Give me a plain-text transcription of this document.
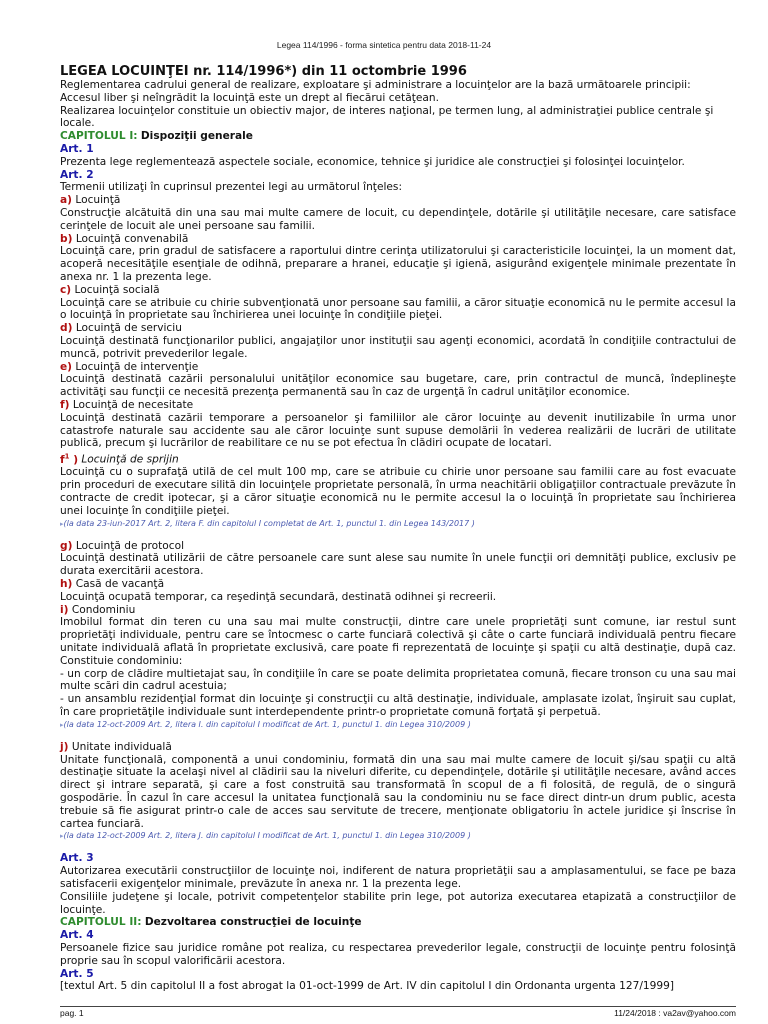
Legea 114/1996 - forma sintetica pentru data 2018-11-24

LEGEA LOCUINŢEI nr. 114/1996*) din 11 octombrie 1996

Reglementarea cadrului general de realizare, exploatare şi administrare a locuinţelor are la bază următoarele principii:

Accesul liber şi neîngrădit la locuinţă este un drept al fiecărui cetăţean.

Realizarea locuinţelor constituie un obiectiv major, de interes naţional, pe termen lung, al administraţiei publice centrale şi locale.

CAPITOLUL I: Dispoziţii generale

Art. 1

Prezenta lege reglementează aspectele sociale, economice, tehnice şi juridice ale construcţiei şi folosinţei locuinţelor.

Art. 2

Termenii utilizaţi în cuprinsul prezentei legi au următorul înţeles:

a) Locuinţă

Construcţie alcătuită din una sau mai multe camere de locuit, cu dependinţele, dotările şi utilităţile necesare, care satisface cerinţele de locuit ale unei persoane sau familii.

b) Locuinţă convenabilă

Locuinţă care, prin gradul de satisfacere a raportului dintre cerinţa utilizatorului şi caracteristicile locuinţei, la un moment dat, acoperă necesităţile esenţiale de odihnă, preparare a hranei, educaţie şi igienă, asigurând exigenţele minimale prezentate în anexa nr. 1 la prezenta lege.

c) Locuinţă socială

Locuinţă care se atribuie cu chirie subvenţionată unor persoane sau familii, a căror situaţie economică nu le permite accesul la o locuinţă în proprietate sau închirierea unei locuinţe în condiţiile pieţei.

d) Locuinţă de serviciu

Locuinţă destinată funcţionarilor publici, angajaţilor unor instituţii sau agenţi economici, acordată în condiţiile contractului de muncă, potrivit prevederilor legale.

e) Locuinţă de intervenţie

Locuinţă destinată cazării personalului unităţilor economice sau bugetare, care, prin contractul de muncă, îndeplineşte activităţi sau funcţii ce necesită prezenţa permanentă sau în caz de urgenţă în cadrul unităţilor economice.

f) Locuinţă de necesitate

Locuinţă destinată cazării temporare a persoanelor şi familiilor ale căror locuinţe au devenit inutilizabile în urma unor catastrofe naturale sau accidente sau ale căror locuinţe sunt supuse demolării în vederea realizării de lucrări de utilitate publică, precum şi lucrărilor de reabilitare ce nu se pot efectua în clădiri ocupate de locatari.

$f^1$ ) Locuinţă de sprijin

Locuinţă cu o suprafaţă utilă de cel mult 100 mp, care se atribuie cu chirie unor persoane sau familii care au fost evacuate prin proceduri de executare silită din locuinţele proprietate personală, în urma neachitării obligaţiilor contractuale prevăzute în contracte de credit ipotecar, şi a căror situaţie economică nu le permite accesul la o locuinţă în proprietate sau închirierea unei locuinţe în condiţiile pieţei.

▸(la data 23-iun-2017 Art. 2, litera F. din capitolul I completat de Art. 1, punctul 1. din Legea 143/2017 )

g) Locuinţă de protocol

Locuinţă destinată utilizării de către persoanele care sunt alese sau numite în unele funcţii ori demnităţi publice, exclusiv pe durata exercitării acestora.

h) Casă de vacanţă

Locuinţă ocupată temporar, ca reşedinţă secundară, destinată odihnei şi recreerii.

i) Condominiu

Imobilul format din teren cu una sau mai multe construcţii, dintre care unele proprietăţi sunt comune, iar restul sunt proprietăţi individuale, pentru care se întocmesc o carte funciară colectivă şi câte o carte funciară individuală pentru fiecare unitate individuală aflată în proprietate exclusivă, care poate fi reprezentată de locuinţe şi spaţii cu altă destinaţie, după caz. Constituie condominiu:

- un corp de clădire multietajat sau, în condiţiile în care se poate delimita proprietatea comună, fiecare tronson cu una sau mai multe scări din cadrul acestuia;

- un ansamblu rezidenţial format din locuinţe şi construcţii cu altă destinaţie, individuale, amplasate izolat, înşiruit sau cuplat, în care proprietăţile individuale sunt interdependente printr-o proprietate comună forţată şi perpetuă.

▸(la data 12-oct-2009 Art. 2, litera I. din capitolul I modificat de Art. 1, punctul 1. din Legea 310/2009 )

j) Unitate individuală

Unitate funcţională, componentă a unui condominiu, formată din una sau mai multe camere de locuit şi/sau spaţii cu altă destinaţie situate la acelaşi nivel al clădirii sau la niveluri diferite, cu dependinţele, dotările şi utilităţile necesare, având acces direct şi intrare separată, şi care a fost construită sau transformată în scopul de a fi folosită, de regulă, de o singură gospodărie. În cazul în care accesul la unitatea funcţională sau la condominiu nu se face direct dintr-un drum public, acesta trebuie să fie asigurat printr-o cale de acces sau servitute de trecere, menţionate obligatoriu în actele juridice şi înscrise în cartea funciară.

▸(la data 12-oct-2009 Art. 2, litera J. din capitolul I modificat de Art. 1, punctul 1. din Legea 310/2009 )

Art. 3

Autorizarea executării construcţiilor de locuinţe noi, indiferent de natura proprietăţii sau a amplasamentului, se face pe baza satisfacerii exigenţelor minimale, prevăzute în anexa nr. 1 la prezenta lege.

Consiliile judeţene şi locale, potrivit competenţelor stabilite prin lege, pot autoriza executarea etapizată a construcţiilor de locuinţe.

CAPITOLUL II: Dezvoltarea construcţiei de locuinţe

Art. 4

Persoanele fizice sau juridice române pot realiza, cu respectarea prevederilor legale, construcţii de locuinţe pentru folosinţă proprie sau în scopul valorificării acestora.

Art. 5

[textul Art. 5 din capitolul II a fost abrogat la 01-oct-1999 de Art. IV din capitolul I din Ordonanta urgenta 127/1999]

pag. 1	11/24/2018 : va2av@yahoo.com
